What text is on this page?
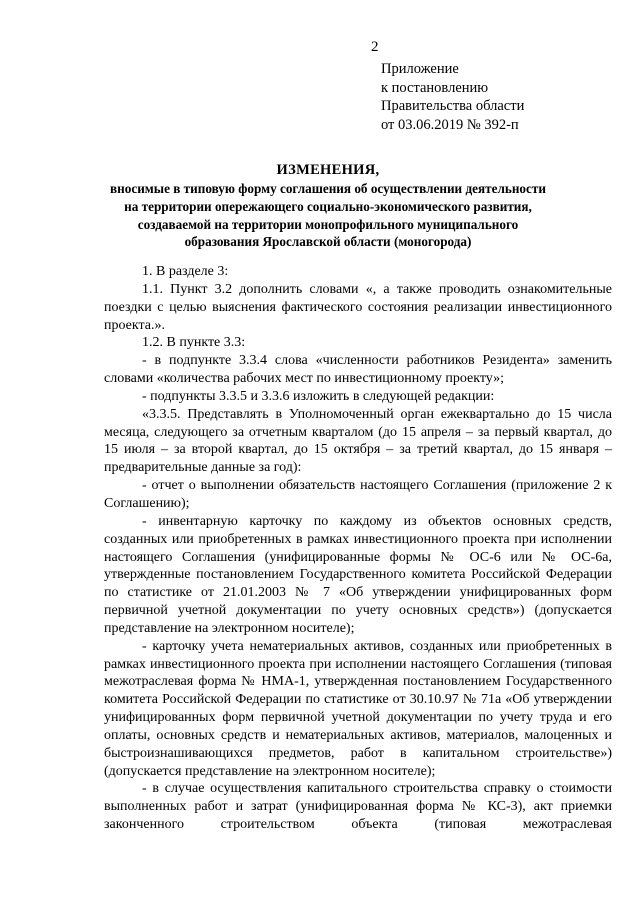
2
Приложение
к постановлению
Правительства области
от 03.06.2019 № 392-п
ИЗМЕНЕНИЯ,
вносимые в типовую форму соглашения об осуществлении деятельности на территории опережающего социально-экономического развития, создаваемой на территории монопрофильного муниципального образования Ярославской области (моногорода)

1. В разделе 3:

1.1. Пункт 3.2 дополнить словами «, а также проводить ознакомительные поездки с целью выяснения фактического состояния реализации инвестиционного проекта.».

1.2. В пункте 3.3:

- в подпункте 3.3.4 слова «численности работников Резидента» заменить словами «количества рабочих мест по инвестиционному проекту»;

- подпункты 3.3.5 и 3.3.6 изложить в следующей редакции:

«3.3.5. Представлять в Уполномоченный орган ежеквартально до 15 числа месяца, следующего за отчетным кварталом (до 15 апреля – за первый квартал, до 15 июля – за второй квартал, до 15 октября – за третий квартал, до 15 января – предварительные данные за год):

- отчет о выполнении обязательств настоящего Соглашения (приложение 2 к Соглашению);

- инвентарную карточку по каждому из объектов основных средств, созданных или приобретенных в рамках инвестиционного проекта при исполнении настоящего Соглашения (унифицированные формы № ОС-6 или № ОС-6а, утвержденные постановлением Государственного комитета Российской Федерации по статистике от 21.01.2003 № 7 «Об утверждении унифицированных форм первичной учетной документации по учету основных средств») (допускается представление на электронном носителе);

- карточку учета нематериальных активов, созданных или приобретенных в рамках инвестиционного проекта при исполнении настоящего Соглашения (типовая межотраслевая форма № НМА-1, утвержденная постановлением Государственного комитета Российской Федерации по статистике от 30.10.97 № 71а «Об утверждении унифицированных форм первичной учетной документации по учету труда и его оплаты, основных средств и нематериальных активов, материалов, малоценных и быстроизнашивающихся предметов, работ в капитальном строительстве») (допускается представление на электронном носителе);

- в случае осуществления капитального строительства справку о стоимости выполненных работ и затрат (унифицированная форма № КС-3), акт приемки законченного строительством объекта (типовая межотраслевая
